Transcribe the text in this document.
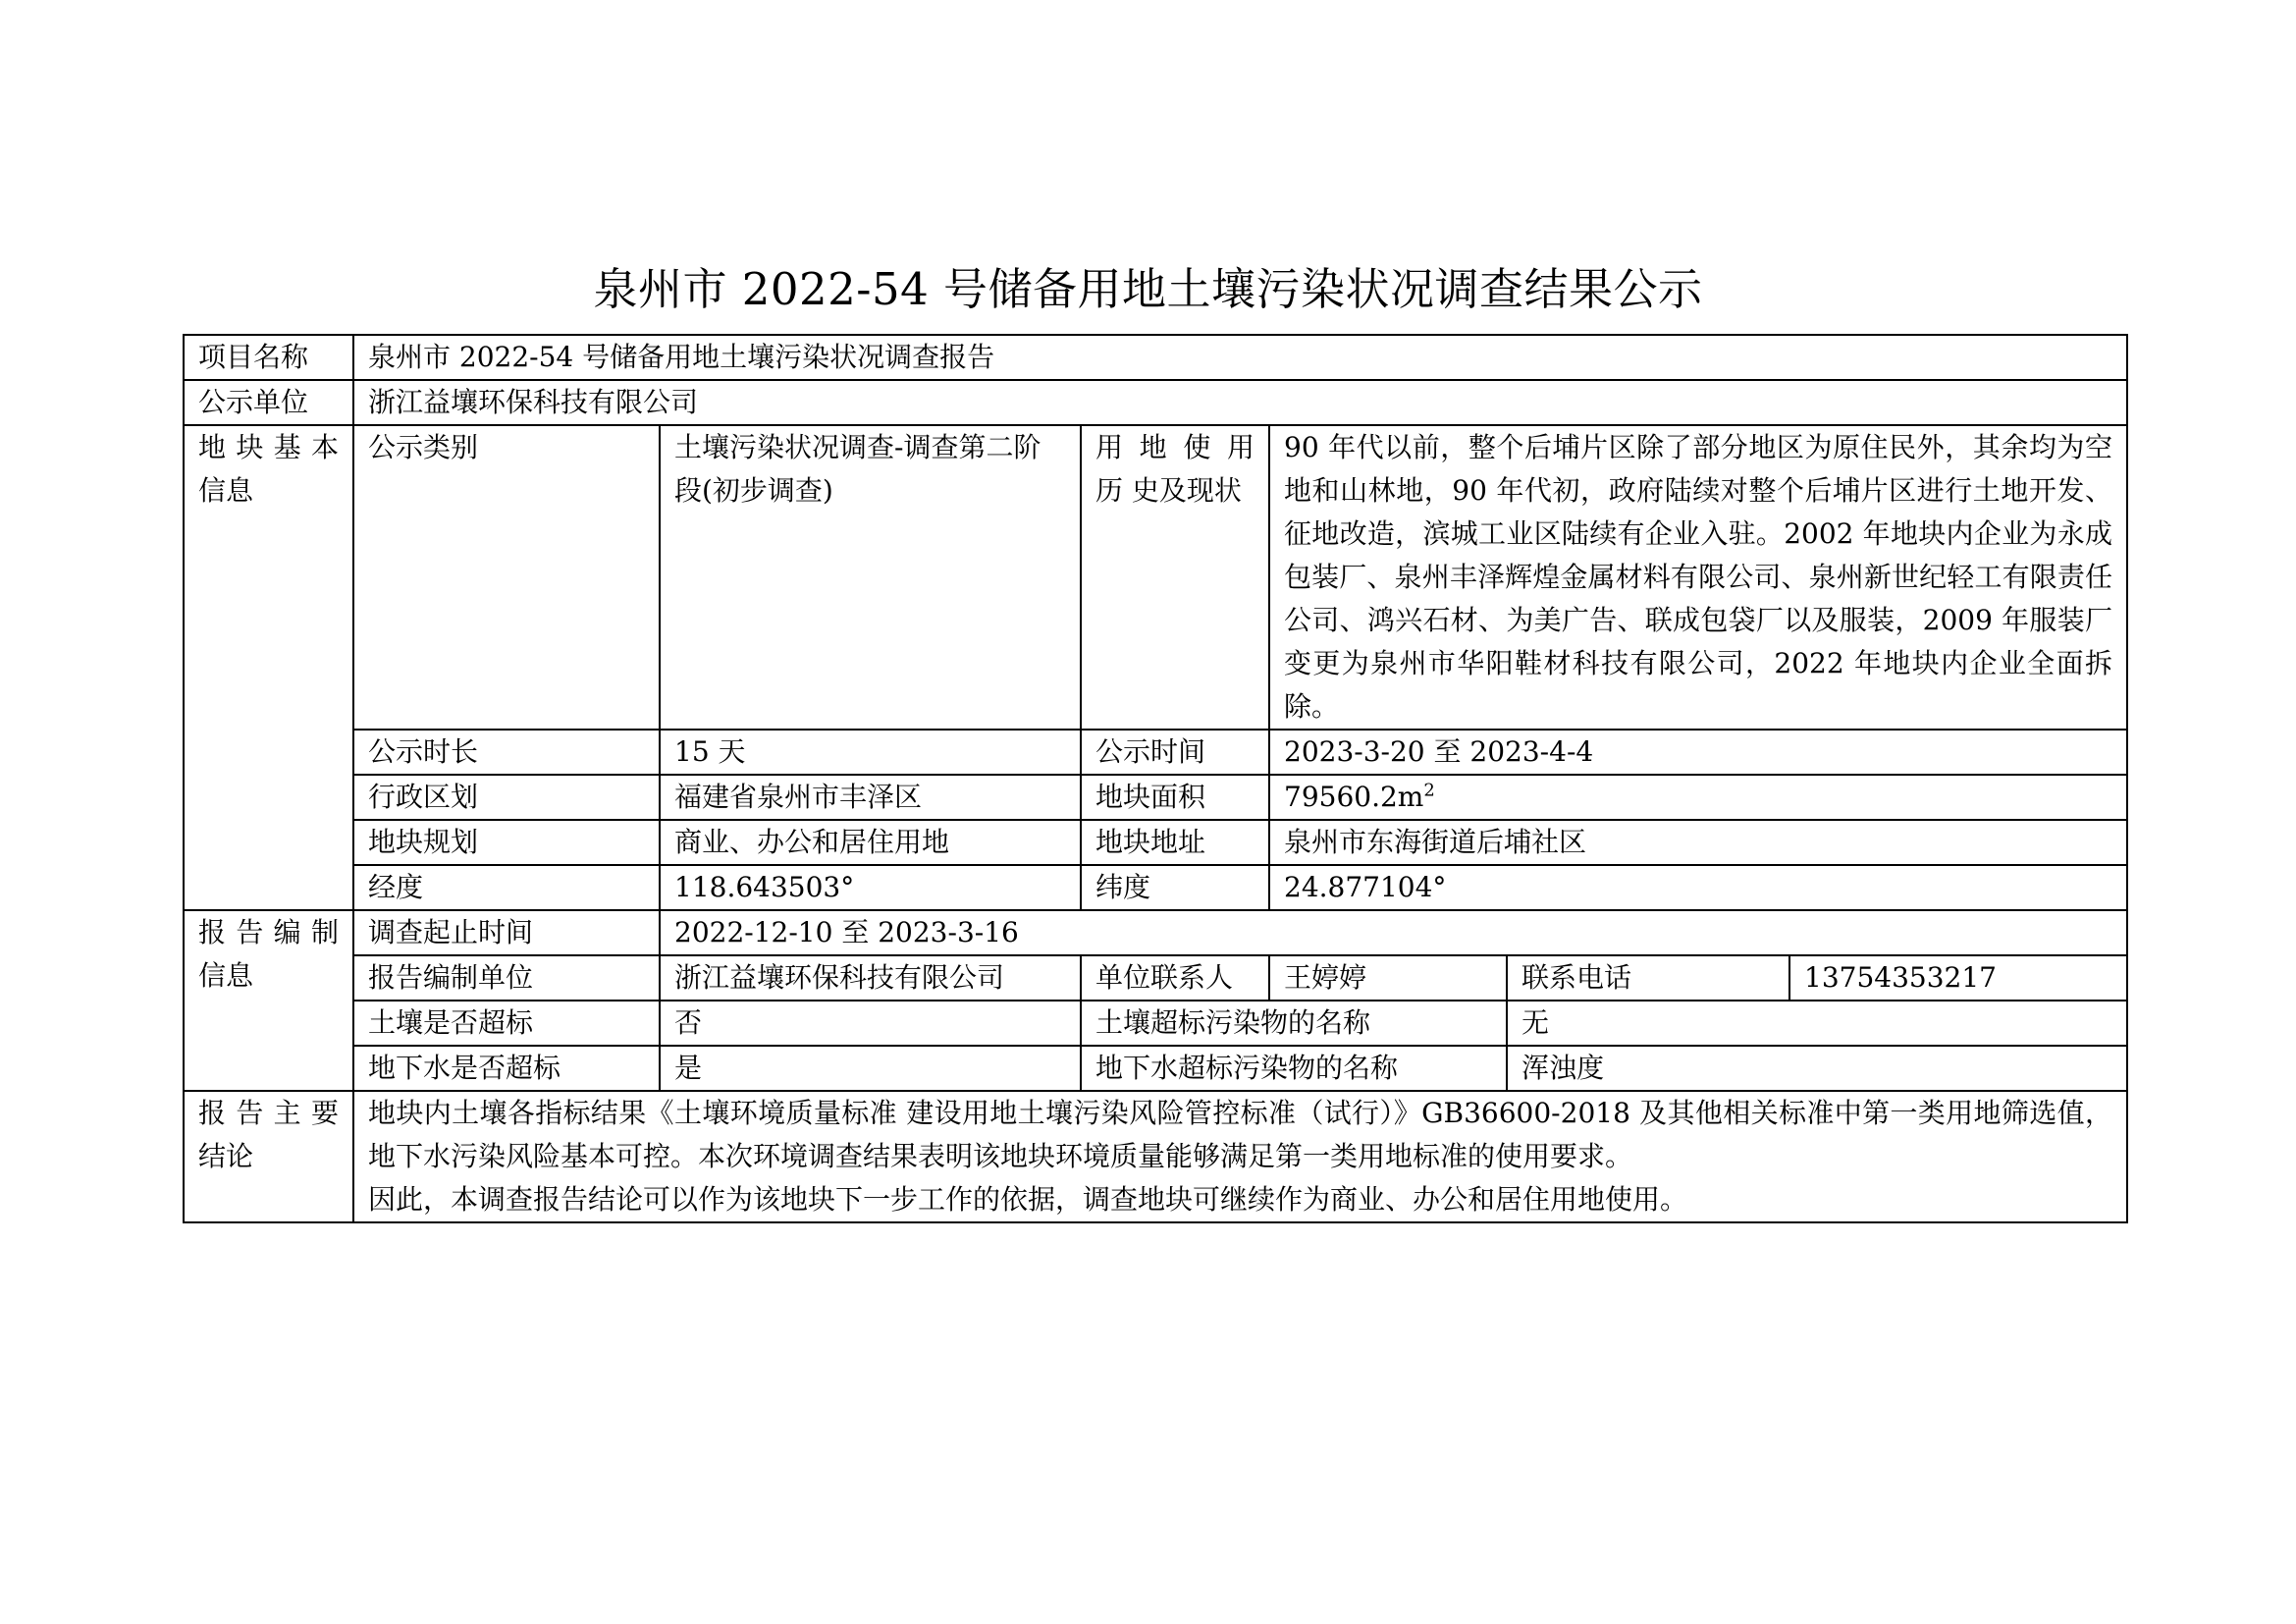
泉州市 2022-54 号储备用地土壤污染状况调查结果公示
项目名称	泉州市 2022-54 号储备用地土壤污染状况调查报告					
公示单位	浙江益壤环保科技有限公司					
地 块 基 本 信息	公示类别	土壤污染状况调查-调查第二阶段(初步调查)	用 地 使 用 历 史及现状	90 年代以前，整个后埔片区除了部分地区为原住民外，其余均为空地和山林地，90 年代初，政府陆续对整个后埔片区进行土地开发、征地改造，滨城工业区陆续有企业入驻。2002 年地块内企业为永成包装厂、泉州丰泽辉煌金属材料有限公司、泉州新世纪轻工有限责任公司、鸿兴石材、为美广告、联成包袋厂以及服装，2009 年服装厂变更为泉州市华阳鞋材科技有限公司，2022 年地块内企业全面拆除。		
	公示时长	15 天	公示时间	2023-3-20 至 2023-4-4		
	行政区划	福建省泉州市丰泽区	地块面积	$79560.2m^2$
	地块规划	商业、办公和居住用地	地块地址	泉州市东海街道后埔社区		
	经度	118.643503°	纬度	24.877104°		
报 告 编 制 信息	调查起止时间	2022-12-10 至 2023-3-16				
	报告编制单位	浙江益壤环保科技有限公司	单位联系人	王婷婷	联系电话	13754353217
	土壤是否超标	否	土壤超标污染物的名称		无	
	地下水是否超标	是	地下水超标污染物的名称		浑浊度	
报 告 主 要 结论	地块内土壤各指标结果《土壤环境质量标准 建设用地土壤污染风险管控标准（试行）》GB36600-2018 及其他相关标准中第一类用地筛选值，地下水污染风险基本可控。本次环境调查结果表明该地块环境质量能够满足第一类用地标准的使用要求。
因此，本调查报告结论可以作为该地块下一步工作的依据，调查地块可继续作为商业、办公和居住用地使用。					
